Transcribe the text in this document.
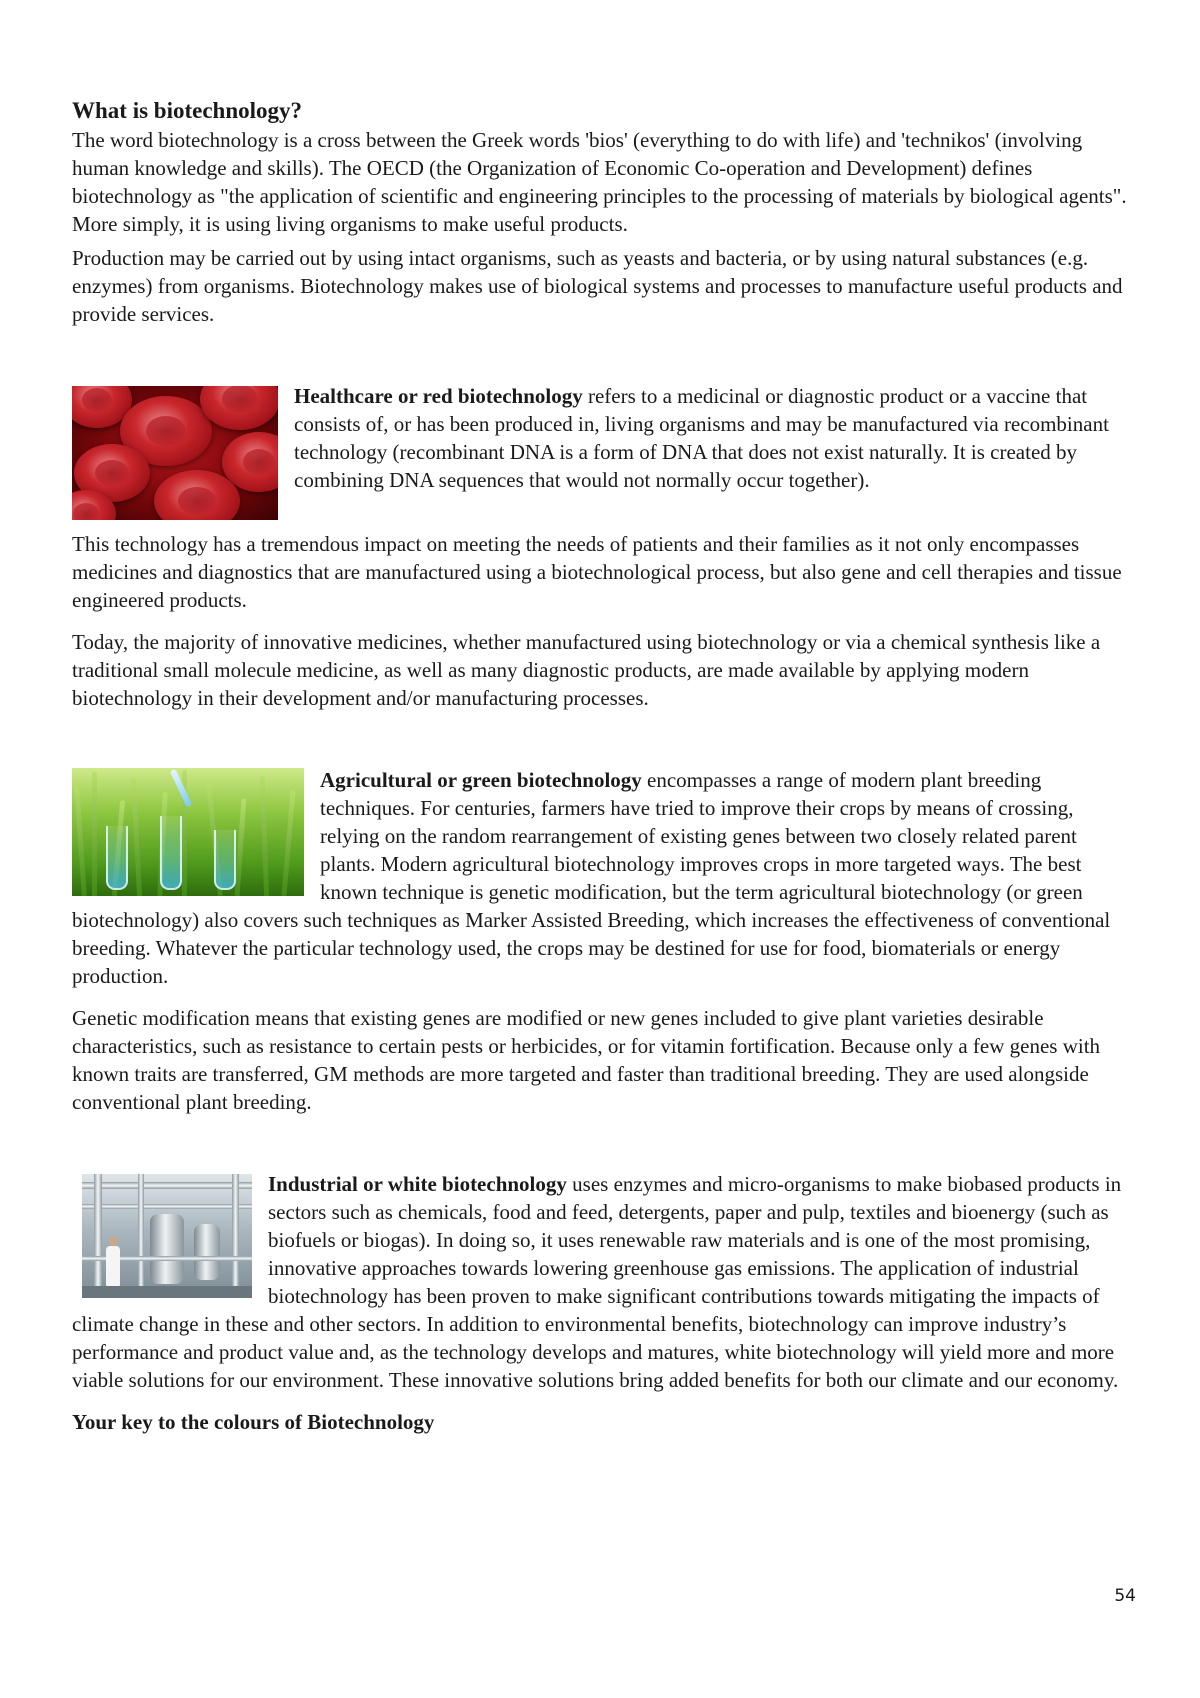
What is biotechnology?

The word biotechnology is a cross between the Greek words 'bios' (everything to do with life) and 'technikos' (involving human knowledge and skills). The OECD (the Organization of Economic Co-operation and Development) defines biotechnology as "the application of scientific and engineering principles to the processing of materials by biological agents". More simply, it is using living organisms to make useful products.

Production may be carried out by using intact organisms, such as yeasts and bacteria, or by using natural substances (e.g. enzymes) from organisms. Biotechnology makes use of biological systems and processes to manufacture useful products and provide services.

Healthcare or red biotechnology refers to a medicinal or diagnostic product or a vaccine that consists of, or has been produced in, living organisms and may be manufactured via recombinant technology (recombinant DNA is a form of DNA that does not exist naturally. It is created by combining DNA sequences that would not normally occur together).

This technology has a tremendous impact on meeting the needs of patients and their families as it not only encompasses medicines and diagnostics that are manufactured using a biotechnological process, but also gene and cell therapies and tissue engineered products.

Today, the majority of innovative medicines, whether manufactured using biotechnology or via a chemical synthesis like a traditional small molecule medicine, as well as many diagnostic products, are made available by applying modern biotechnology in their development and/or manufacturing processes.

Agricultural or green biotechnology encompasses a range of modern plant breeding techniques. For centuries, farmers have tried to improve their crops by means of crossing, relying on the random rearrangement of existing genes between two closely related parent plants. Modern agricultural biotechnology improves crops in more targeted ways. The best known technique is genetic modification, but the term agricultural biotechnology (or green biotechnology) also covers such techniques as Marker Assisted Breeding, which increases the effectiveness of conventional breeding. Whatever the particular technology used, the crops may be destined for use for food, biomaterials or energy production.

Genetic modification means that existing genes are modified or new genes included to give plant varieties desirable characteristics, such as resistance to certain pests or herbicides, or for vitamin fortification. Because only a few genes with known traits are transferred, GM methods are more targeted and faster than traditional breeding. They are used alongside conventional plant breeding.

Industrial or white biotechnology uses enzymes and micro-organisms to make biobased products in sectors such as chemicals, food and feed, detergents, paper and pulp, textiles and bioenergy (such as biofuels or biogas). In doing so, it uses renewable raw materials and is one of the most promising, innovative approaches towards lowering greenhouse gas emissions. The application of industrial biotechnology has been proven to make significant contributions towards mitigating the impacts of climate change in these and other sectors. In addition to environmental benefits, biotechnology can improve industry’s performance and product value and, as the technology develops and matures, white biotechnology will yield more and more viable solutions for our environment. These innovative solutions bring added benefits for both our climate and our economy.

Your key to the colours of Biotechnology

54
